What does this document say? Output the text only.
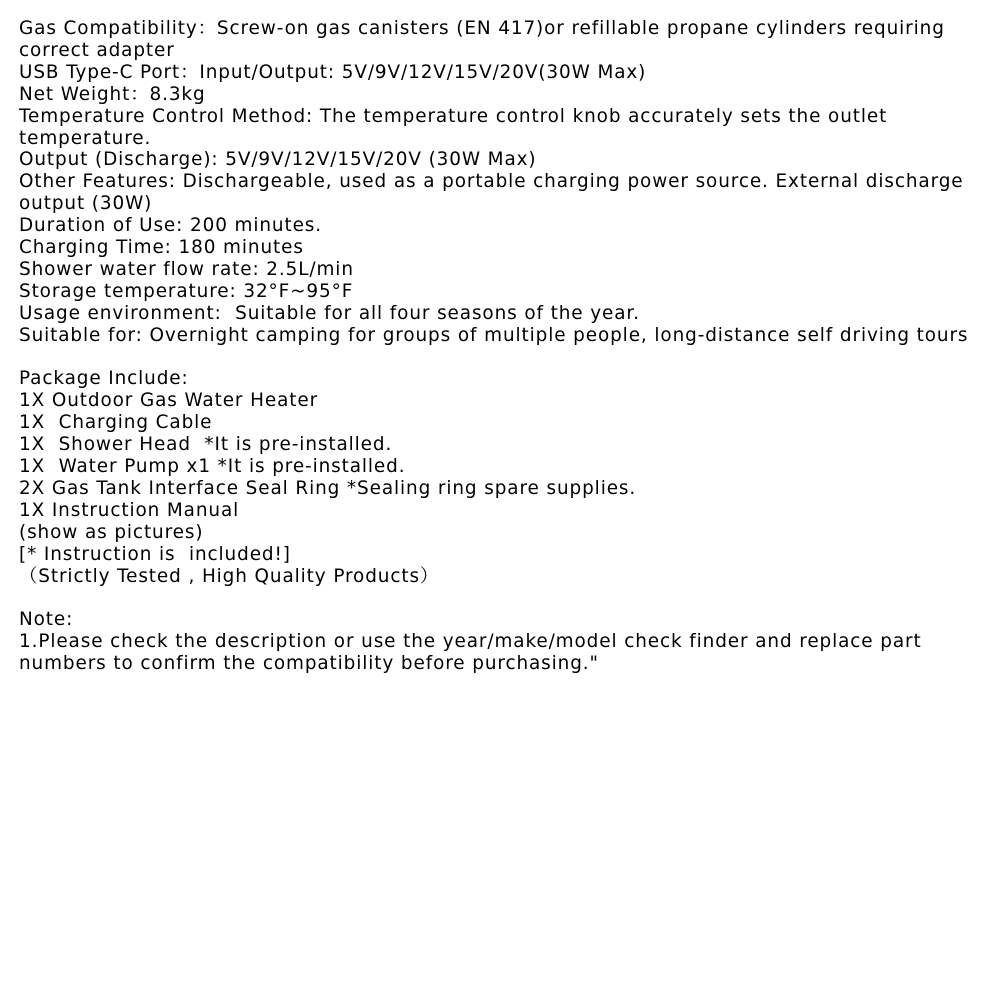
Gas Compatibility：Screw-on gas canisters (EN 417)or refillable propane cylinders requiring correct adapter

USB Type-C Port：Input/Output: 5V/9V/12V/15V/20V(30W Max)

Net Weight：8.3kg

Temperature Control Method: The temperature control knob accurately sets the outlet temperature.

Output (Discharge): 5V/9V/12V/15V/20V (30W Max)

Other Features: Dischargeable, used as a portable charging power source. External discharge output (30W)

Duration of Use: 200 minutes.

Charging Time: 180 minutes

Shower water flow rate: 2.5L/min

Storage temperature: 32°F~95°F

Usage environment:  Suitable for all four seasons of the year.

Suitable for: Overnight camping for groups of multiple people, long-distance self driving tours

Package Include:

1X Outdoor Gas Water Heater

1X  Charging Cable

1X  Shower Head  *It is pre-installed.

1X  Water Pump x1 *It is pre-installed.

2X Gas Tank Interface Seal Ring *Sealing ring spare supplies.

1X Instruction Manual

(show as pictures)

[* Instruction is  included!]

（Strictly Tested , High Quality Products）

Note:

1.Please check the description or use the year/make/model check finder and replace part numbers to confirm the compatibility before purchasing."
